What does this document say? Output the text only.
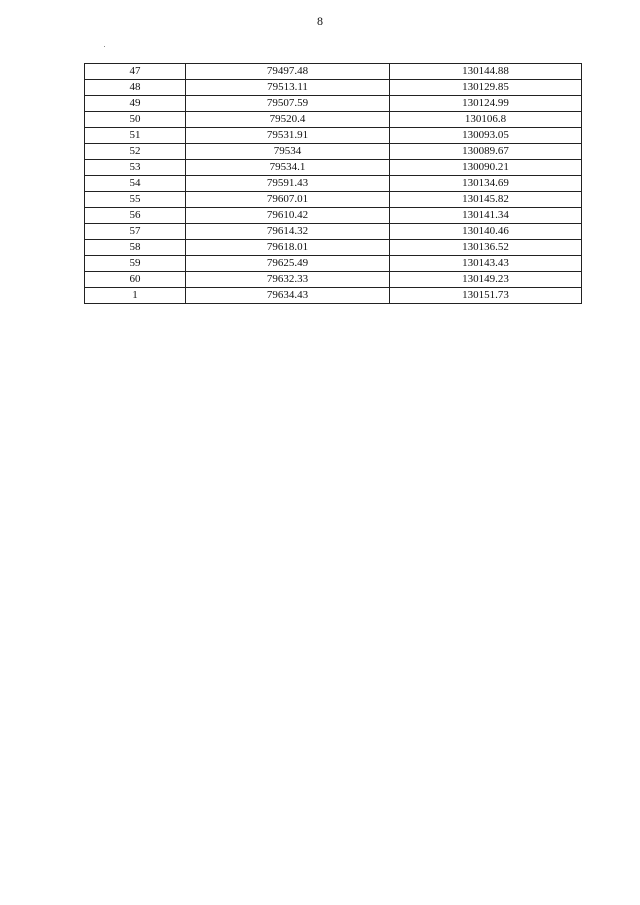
8
47	79497.48	130144.88
48	79513.11	130129.85
49	79507.59	130124.99
50	79520.4	130106.8
51	79531.91	130093.05
52	79534	130089.67
53	79534.1	130090.21
54	79591.43	130134.69
55	79607.01	130145.82
56	79610.42	130141.34
57	79614.32	130140.46
58	79618.01	130136.52
59	79625.49	130143.43
60	79632.33	130149.23
1	79634.43	130151.73
